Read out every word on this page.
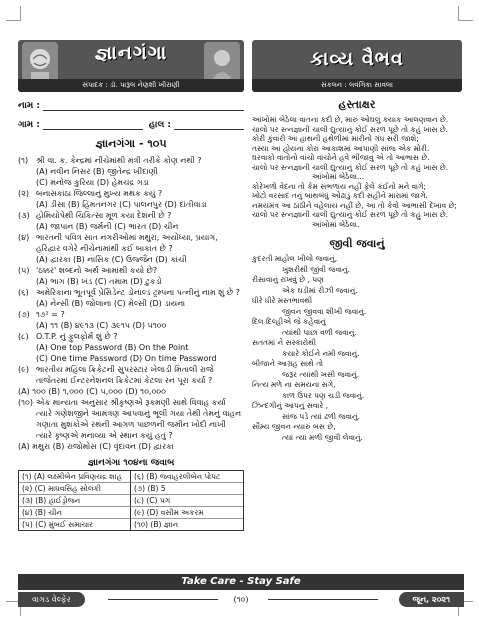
જ્ઞાનગંગા
સંપાદક : ડૉ. પારૂલ નેણશી ખીરાણી
નામ :
ગામ :	હાલ :
જ્ઞાનગંગા - ૧૦૫
(૧) શ્રી વા. ક. કેન્દ્રમાં નીચેમાંથી મંત્રી તરીકે કોણ નથી ?
(A) નવીન નિસર (B) જીતેન્દ્ર ખીંદાણી
(C) મનોજ કુરિયા (D) હેમચંદ્ર ગડા
(૨) બનાસકાંઠા જિલ્લાનું મુખ્ય મથક કયું ?
(A) ડીસા (B) હિંમતનગર (C) પાલનપુર (D) દાંતીવાડા
(૩) હોમિયોપેથી ચિકિત્સા મૂળ કયા દેશની છે ?
(A) જાપાન (B) જર્મની (C) ભારત (D) ચીન
(૪) ભારતની પવિત્ર સાત નગરીઓમાં મથુરા, અયોધ્યા, પ્રયાગ, હરિદ્વાર વગેરે નીચેનામાંથી કઈ બાકાત છે ?
(A) દ્વારકા (B) નાસિક (C) ઉજ્જૈન (D) કાંચી
(૫) 'ઠક્કર' શબ્દનો અર્થ આમાંથી કયો છે?
(A) ભાગ (B) ખંડ (C) તમામ (D) ટુકડો
(૬) અમેરિકાના ભૂતપૂર્વ પ્રેસિડેન્ટ ડોનાલ્ડ ટ્રમ્પના પત્નીનું નામ શું છે ?
(A) નેન્સી (B) જોલાના (C) મેલ્સી (D) ડાયના
(૭) ૧૭² = ?
(A) ૧૧ (B) ૪૯૧૩ (C) ૩૯૧૫ (D) ૫૧૦૦
(૮) O.T.P. નું ફુલફોર્મ શું છે ?
(A) One top Password (B) On the Point
(C) One time Password (D) On time Password
(૯) ભારતીય મહિલા ક્રિકેટની સુપરસ્ટાર ખેલાડી મિતાલી રાજે તાજેતરમાં ઈન્ટરનેશનલ ક્રિકેટમાં કેટલા રન પૂરા કર્યા ?
(A) ૧૦૦ (B) ૧,૦૦૦ (C) ૫,૦૦૦ (D) ૧૦,૦૦૦
(૧૦) એક માન્યતા અનુસાર શ્રીકૃષ્ણએ રૂકમણી સાથે વિવાહ કર્યા ત્યારે ગણેશજીને આમંત્રણ આપવાનું ભૂલી ગયા તેથી તેમનું વાહન ગણાતા મુશકોએ રથની આગળ પાછળની જમીન ખોદી નાખી ત્યારે કૃષ્ણએ મનાવ્યા એ સ્થાન કયું હતું ?
(A) મથુરા (B) રાજોમોસ (C) વૃંદાવન (D) દ્વારકા
જ્ઞાનગંગા ૧૦૪ના જવાબ
(૧) (A) લક્ષ્મીબેન પ્રવિણચંદ્ર શાહ	(૬) (B) જવાહરલીબેન પોપટ
(૨) (C) માધવસિંહ સોલંકી	(૭) (B) 5
(૩) (B) હાઈડ્રોજન	(૮) (C) પગ
(૪) (B) ચીન	(૯) (D) વસીમ અકરમ
(૫) (C) મુંબઈ સમાચાર	(૧૦) (B) જ્ઞાન
કાવ્ય વૈભવ
સંકલન : લવંગિકા સાવલા
હસ્તાક્ષર
આંખોમાં બેઠેલા વાતના કદી છે, મારું ઓઘલું કયાક આલણવાન છે.
ચાલો પર સ્ત્નજ્ઞાની ચાલી દ્યુત્યાનું કોઈ સરળ પૂછે તો કહું ખાસ છે.
કોરી કુંવારી આ હાથની હથેળીમાં મારીનો ગંધ સરી જાશે;
તસ્યા આ હોયના કોરા આકાશમાં આપાણી સાંજ એક મોરી.
ઘરવાકો વાતોનો વાંચો વાંચોને હવે ભીંજાવું એ તો આભાસ છે.
ચાલો પર સ્ત્નજ્ઞાની ચાલી દ્યુત્યાનું કોઈ સરળ પૂછે તો કહું ખાસ છે.
આંખોમાં બેઠેલા...
કોરેખળો વેદના તો કેમ સંભળાય નહીં ફ઼ેલે કંઈનો મને વાગે;
ખોટો વરસાદ તનું બાથબંધું ઓઢાડું કદી સહીને મારામાં જાગે.
નમયમંત્ર આ ઠાઠીને વહેલાય નહીં છે, આ તો કેવો આભાસી દેખાવ છે;
ચાલો પર સ્ત્નજ્ઞાની ચાલી દ્યુત્યાનું કોઈ સરળ પૂછે તો કહું ખાસ છે.
આંખોમાં બેઠેલા.
જીવી જવાનું
કુદરતી માહોલ ખીલો જવાનું,
ખુશરીથી જીવી જવાનું.
રીસાવાનું રાખવું છે , પણ
એક ઘડીમાં રીઝી જવાનું.
ધીરે ધીરે મસ્તભાવથી
જીવન જીવવા શીખી જવાનું.
દિલ દિલ્હીએ જે કહેવાનું
ત્યાંથી પાછા વળી જવાનું.
સતતમાં ને સસ્કારોથી
કયારે કોઈને નમી જવાનું.
બીજાને આગ્રહ સાથે તો
જરૂર ત્યાંથી ખસી જવાનું.
નિત્ય મળે ના સમયના સંગે,
કાળ ઉપર પણ ચડી જવાનું.
ઝિન્દગીનું આપનું સવારે ,
સાંજ પડે ત્યાં ઢળી જવાનું.
સૌમ્ય જીવન ન્યારું બસ છે,
ત્યાં ત્યાં મળી જીવી લેવાનું.
Take Care - Stay Safe
વાગડ વેલ્ફેર	(૧૦)	જૂન, ૨૦૨૧
